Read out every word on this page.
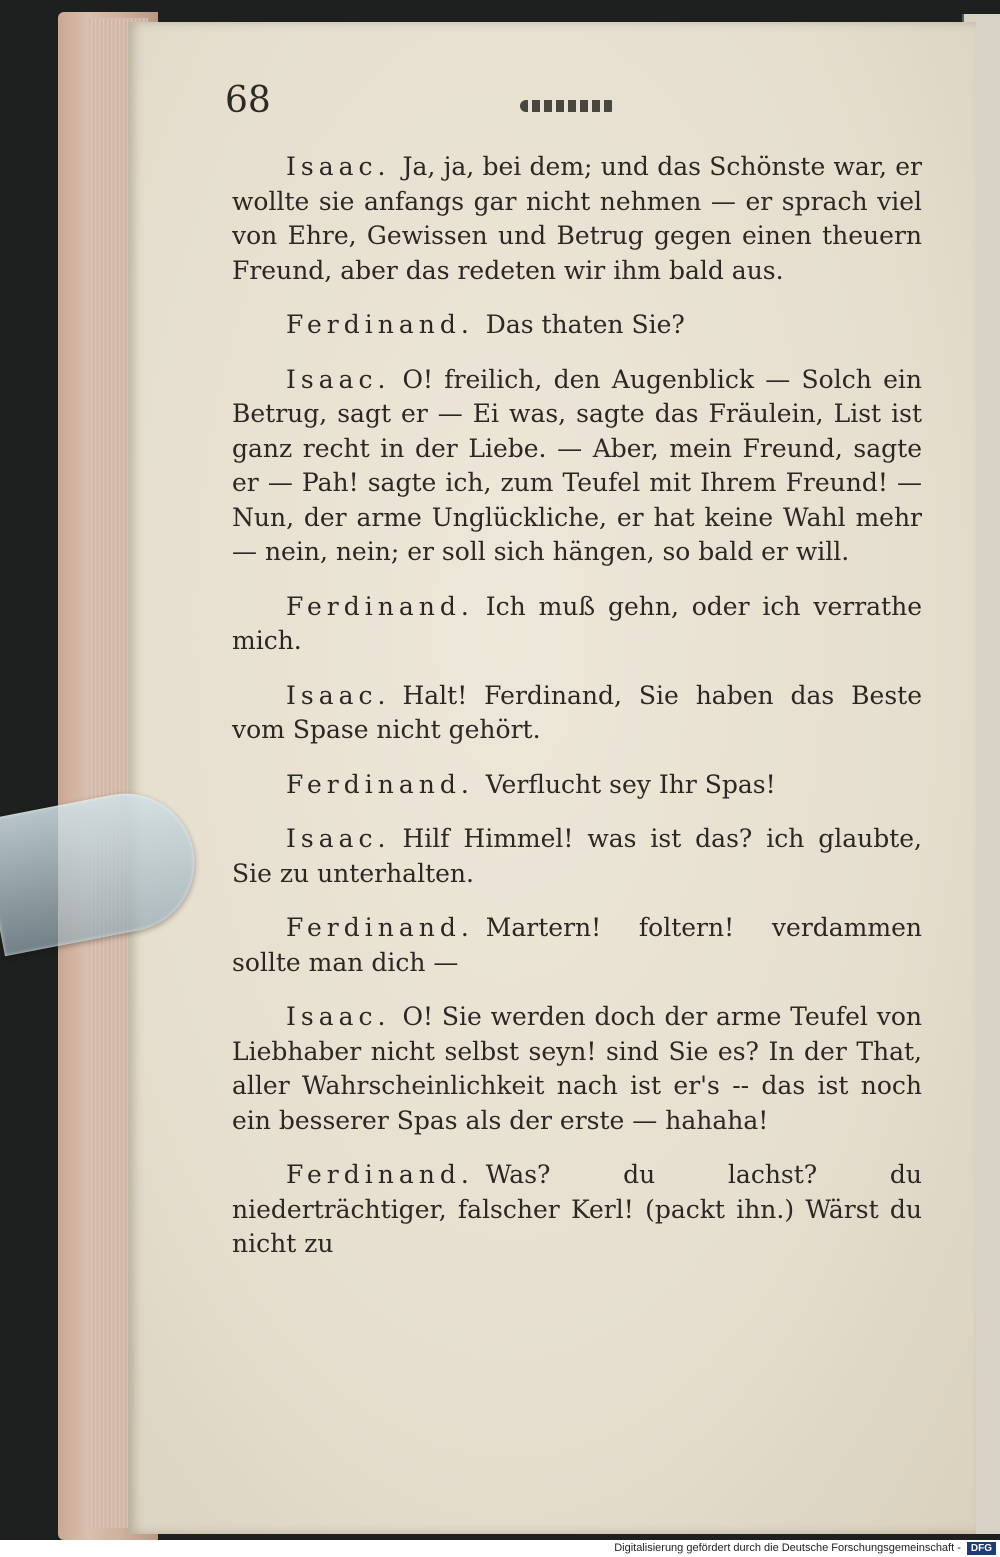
68

Isaac. Ja, ja, bei dem; und das Schönste war, er wollte sie anfangs gar nicht nehmen — er sprach viel von Ehre, Gewissen und Betrug gegen einen theuern Freund, aber das redeten wir ihm bald aus.

Ferdinand. Das thaten Sie?

Isaac. O! freilich, den Augenblick — Solch ein Betrug, sagt er — Ei was, sagte das Fräulein, List ist ganz recht in der Liebe. — Aber, mein Freund, sagte er — Pah! sagte ich, zum Teufel mit Ihrem Freund! — Nun, der arme Unglückliche, er hat keine Wahl mehr — nein, nein; er soll sich hängen, so bald er will.

Ferdinand. Ich muß gehn, oder ich verrathe mich.

Isaac. Halt! Ferdinand, Sie haben das Beste vom Spase nicht gehört.

Ferdinand. Verflucht sey Ihr Spas!

Isaac. Hilf Himmel! was ist das? ich glaubte, Sie zu unterhalten.

Ferdinand. Martern! foltern! verdammen sollte man dich —

Isaac. O! Sie werden doch der arme Teufel von Liebhaber nicht selbst seyn! sind Sie es? In der That, aller Wahrscheinlichkeit nach ist er's -- das ist noch ein besserer Spas als der erste — hahaha!

Ferdinand. Was? du lachst? du niederträchtiger, falscher Kerl! (packt ihn.) Wärst du nicht zu

Digitalisierung gefördert durch die Deutsche Forschungsgemeinschaft - DFG
